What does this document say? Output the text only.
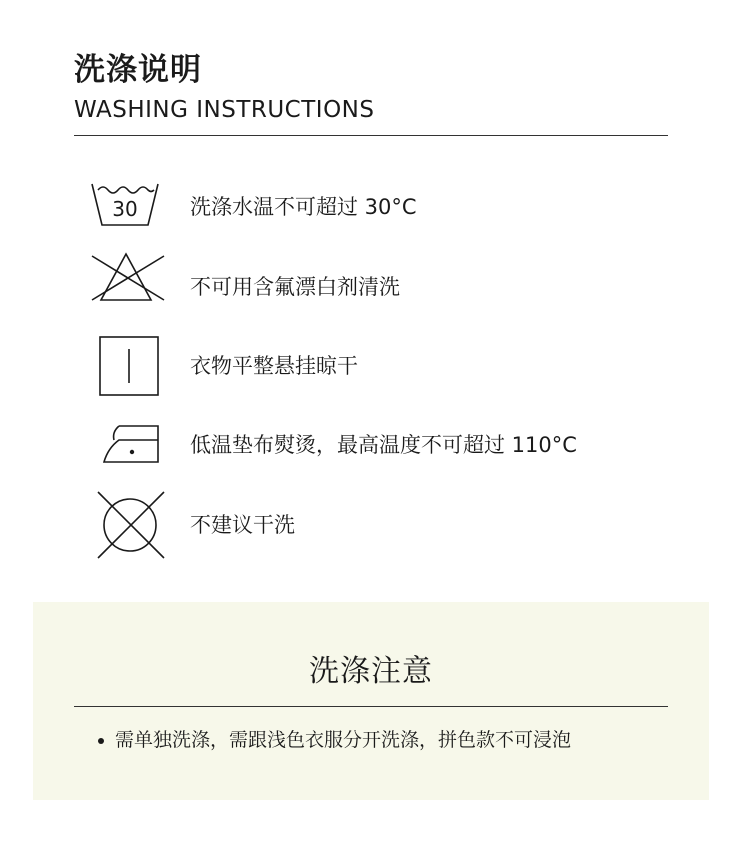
洗涤说明
WASHING INSTRUCTIONS
30 洗涤水温不可超过 30°C
不可用含氟漂白剂清洗
衣物平整悬挂晾干
低温垫布熨烫，最高温度不可超过 110°C
不建议干洗
洗涤注意
需单独洗涤，需跟浅色衣服分开洗涤，拼色款不可浸泡
